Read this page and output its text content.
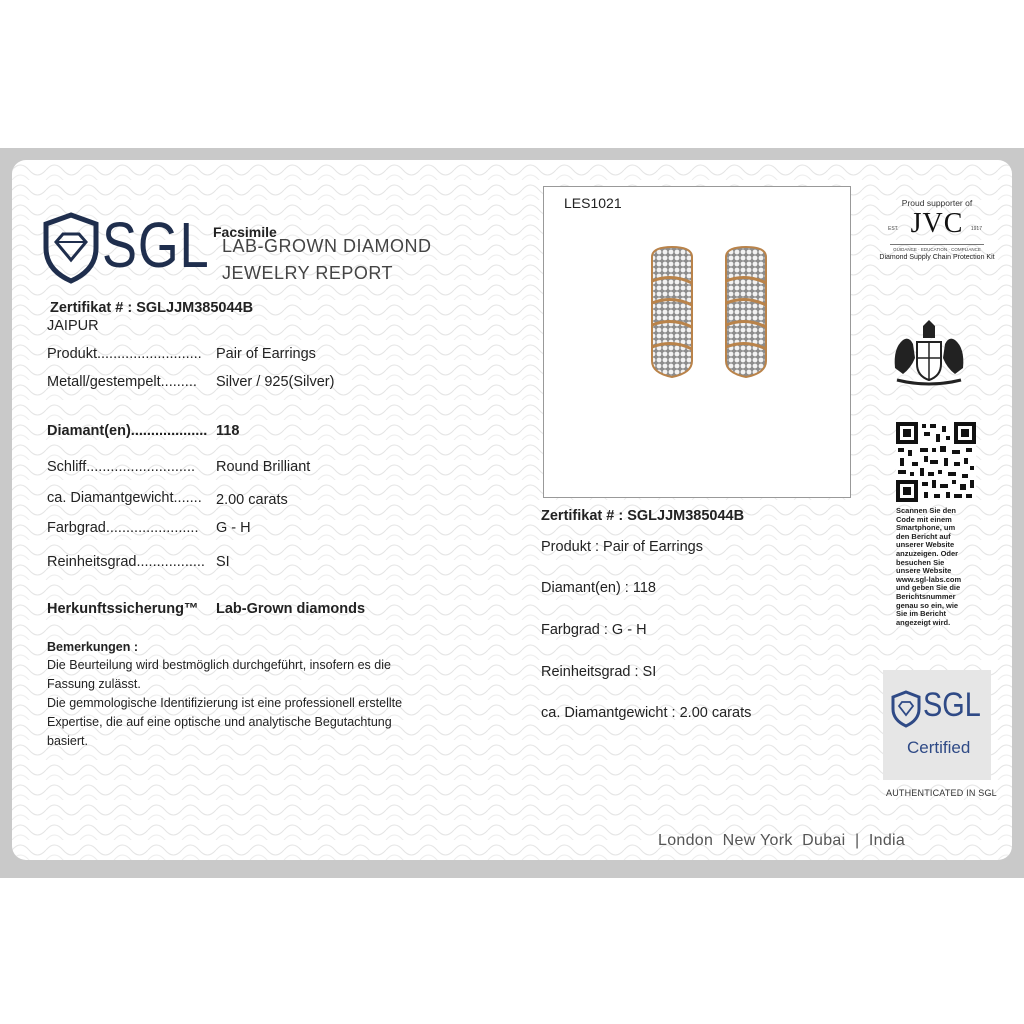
SGL Facsimile
LAB-GROWN DIAMOND
JEWELRY REPORT
Zertifikat # : SGLJJM385044B
JAIPUR
Produkt.......................... Pair of Earrings
Metall/gestempelt......... Silver / 925(Silver)
Diamant(en)................... 118
Schliff........................... Round Brilliant
ca. Diamantgewicht....... 2.00 carats
Farbgrad....................... G - H
Reinheitsgrad................. SI
Herkunftssicherung™ Lab-Grown diamonds
Bemerkungen :
Die Beurteilung wird bestmöglich durchgeführt, insofern es die
Fassung zulässt.
Die gemmologische Identifizierung ist eine professionell erstellte
Expertise, die auf eine optische und analytische Begutachtung
basiert.
LES1021
Zertifikat # : SGLJJM385044B
Produkt : Pair of Earrings
Diamant(en) : 118
Farbgrad : G - H
Reinheitsgrad : SI
ca. Diamantgewicht : 2.00 carats
Proud supporter of
EST. JVC 1917
GUIDANCE · EDUCATION · COMPLIANCE
Diamond Supply Chain Protection Kit
Scannen Sie den Code mit einem Smartphone, um den Bericht auf unserer Website anzuzeigen. Oder besuchen Sie unsere Website www.sgl-labs.com und geben Sie die Berichtsnummer genau so ein, wie Sie im Bericht angezeigt wird.
SGL
Certified
AUTHENTICATED IN SGL
London  New York  Dubai  |  India
